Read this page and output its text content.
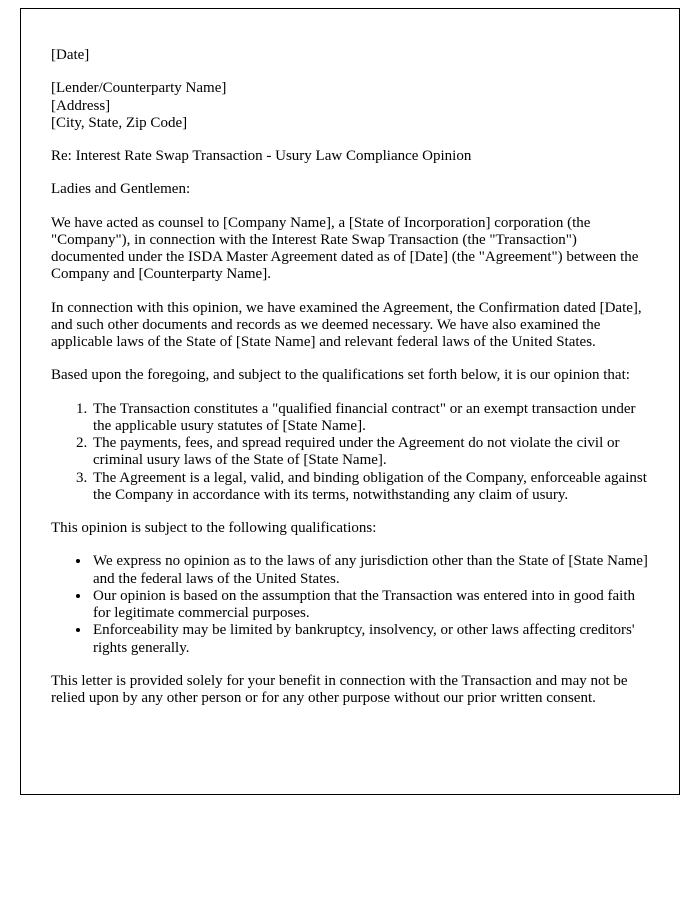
[Date]

[Lender/Counterparty Name]

[Address]

[City, State, Zip Code]

Re: Interest Rate Swap Transaction - Usury Law Compliance Opinion

Ladies and Gentlemen:

We have acted as counsel to [Company Name], a [State of Incorporation] corporation (the "Company"), in connection with the Interest Rate Swap Transaction (the "Transaction") documented under the ISDA Master Agreement dated as of [Date] (the "Agreement") between the Company and [Counterparty Name].

In connection with this opinion, we have examined the Agreement, the Confirmation dated [Date], and such other documents and records as we deemed necessary. We have also examined the applicable laws of the State of [State Name] and relevant federal laws of the United States.

Based upon the foregoing, and subject to the qualifications set forth below, it is our opinion that:

1. The Transaction constitutes a "qualified financial contract" or an exempt transaction under the applicable usury statutes of [State Name].
2. The payments, fees, and spread required under the Agreement do not violate the civil or criminal usury laws of the State of [State Name].
3. The Agreement is a legal, valid, and binding obligation of the Company, enforceable against the Company in accordance with its terms, notwithstanding any claim of usury.

This opinion is subject to the following qualifications:

• We express no opinion as to the laws of any jurisdiction other than the State of [State Name] and the federal laws of the United States.
• Our opinion is based on the assumption that the Transaction was entered into in good faith for legitimate commercial purposes.
• Enforceability may be limited by bankruptcy, insolvency, or other laws affecting creditors' rights generally.

This letter is provided solely for your benefit in connection with the Transaction and may not be relied upon by any other person or for any other purpose without our prior written consent.
